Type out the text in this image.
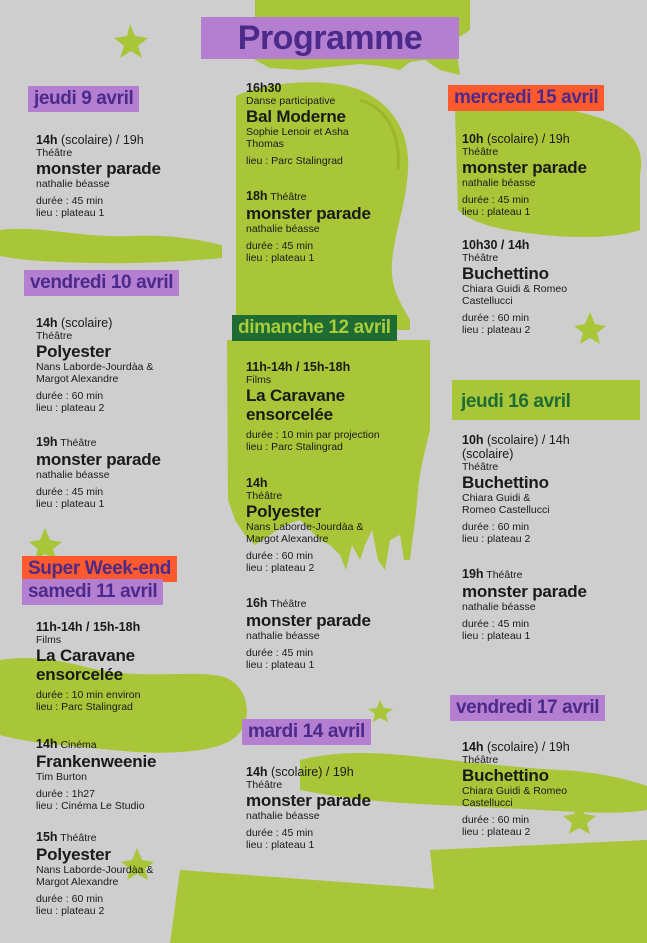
Programme
jeudi 9 avril
vendredi 10 avril
Super Week-end
samedi 11 avril
dimanche 12 avril
mardi 14 avril
mercredi 15 avril
jeudi 16 avril
vendredi 17 avril
14h (scolaire) / 19h
Théâtre
monster parade
nathalie béasse
durée : 45 min
lieu : plateau 1
14h (scolaire)
Théâtre
Polyester
Nans Laborde-Jourdàa & Margot Alexandre
durée : 60 min
lieu : plateau 2
19h Théâtre
monster parade
nathalie béasse
durée : 45 min
lieu : plateau 1
11h-14h / 15h-18h
Films
La Caravane ensorcelée
durée : 10 min environ
lieu : Parc Stalingrad
14h Cinéma
Frankenweenie
Tim Burton
durée : 1h27
lieu : Cinéma Le Studio
15h Théâtre
Polyester
Nans Laborde-Jourdàa & Margot Alexandre
durée : 60 min
lieu : plateau 2
16h30
Danse participative
Bal Moderne
Sophie Lenoir et Asha Thomas
lieu : Parc Stalingrad
18h Théâtre
monster parade
nathalie béasse
durée : 45 min
lieu : plateau 1
11h-14h / 15h-18h
Films
La Caravane ensorcelée
durée : 10 min par projection
lieu : Parc Stalingrad
14h
Théâtre
Polyester
Nans Laborde-Jourdàa & Margot Alexandre
durée : 60 min
lieu : plateau 2
16h Théâtre
monster parade
nathalie béasse
durée : 45 min
lieu : plateau 1
14h (scolaire) / 19h
Théâtre
monster parade
nathalie béasse
durée : 45 min
lieu : plateau 1
10h (scolaire) / 19h
Théâtre
monster parade
nathalie béasse
durée : 45 min
lieu : plateau 1
10h30 / 14h
Théâtre
Buchettino
Chiara Guidi & Romeo Castellucci
durée : 60 min
lieu : plateau 2
10h (scolaire) / 14h (scolaire)
Théâtre
Buchettino
Chiara Guidi & Romeo Castellucci
durée : 60 min
lieu : plateau 2
19h Théâtre
monster parade
nathalie béasse
durée : 45 min
lieu : plateau 1
14h (scolaire) / 19h
Théâtre
Buchettino
Chiara Guidi & Romeo Castellucci
durée : 60 min
lieu : plateau 2
